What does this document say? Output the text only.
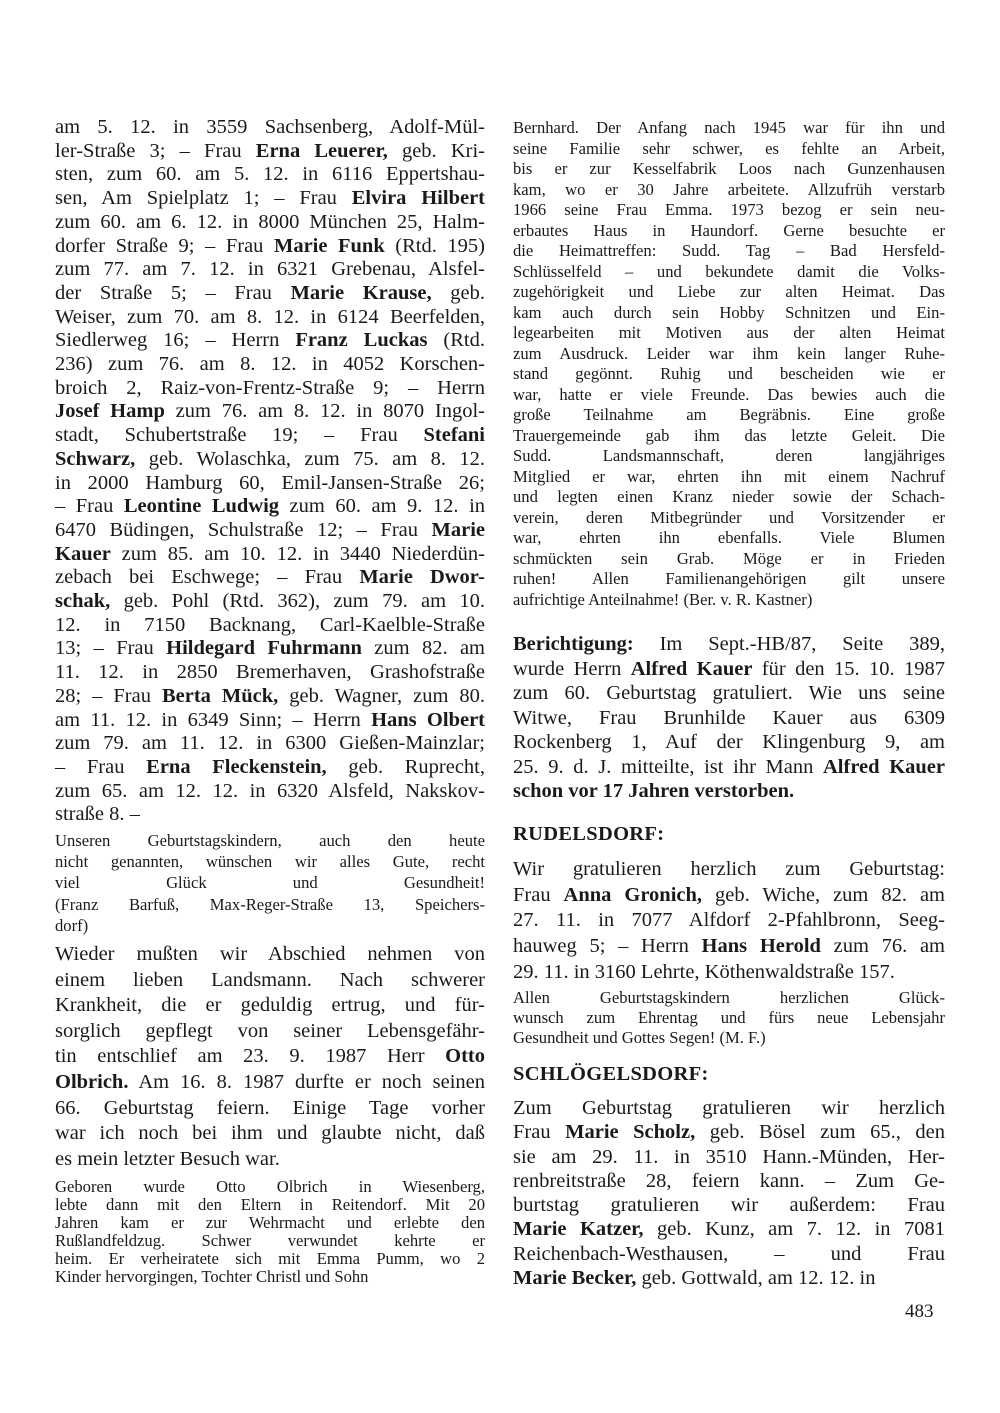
am 5. 12. in 3559 Sachsenberg, Adolf-Mül-
ler-Straße 3; – Frau Erna Leuerer, geb. Kri-
sten, zum 60. am 5. 12. in 6116 Eppertshau-
sen, Am Spielplatz 1; – Frau Elvira Hilbert
zum 60. am 6. 12. in 8000 München 25, Halm-
dorfer Straße 9; – Frau Marie Funk (Rtd. 195)
zum 77. am 7. 12. in 6321 Grebenau, Alsfel-
der Straße 5; – Frau Marie Krause, geb.
Weiser, zum 70. am 8. 12. in 6124 Beerfelden,
Siedlerweg 16; – Herrn Franz Luckas (Rtd.
236) zum 76. am 8. 12. in 4052 Korschen-
broich 2, Raiz-von-Frentz-Straße 9; – Herrn
Josef Hamp zum 76. am 8. 12. in 8070 Ingol-
stadt, Schubertstraße 19; – Frau Stefani
Schwarz, geb. Wolaschka, zum 75. am 8. 12.
in 2000 Hamburg 60, Emil-Jansen-Straße 26;
– Frau Leontine Ludwig zum 60. am 9. 12. in
6470 Büdingen, Schulstraße 12; – Frau Marie
Kauer zum 85. am 10. 12. in 3440 Niederdün-
zebach bei Eschwege; – Frau Marie Dwor-
schak, geb. Pohl (Rtd. 362), zum 79. am 10.
12. in 7150 Backnang, Carl-Kaelble-Straße
13; – Frau Hildegard Fuhrmann zum 82. am
11. 12. in 2850 Bremerhaven, Grashofstraße
28; – Frau Berta Mück, geb. Wagner, zum 80.
am 11. 12. in 6349 Sinn; – Herrn Hans Olbert
zum 79. am 11. 12. in 6300 Gießen-Mainzlar;
– Frau Erna Fleckenstein, geb. Ruprecht,
zum 65. am 12. 12. in 6320 Alsfeld, Nakskov-
straße 8. –
Unseren Geburtstagskindern, auch den heute
nicht genannten, wünschen wir alles Gute, recht
viel Glück und Gesundheit!
(Franz Barfuß, Max-Reger-Straße 13, Speichers-
dorf)
Wieder mußten wir Abschied nehmen von
einem lieben Landsmann. Nach schwerer
Krankheit, die er geduldig ertrug, und für-
sorglich gepflegt von seiner Lebensgefähr-
tin entschlief am 23. 9. 1987 Herr Otto
Olbrich. Am 16. 8. 1987 durfte er noch seinen
66. Geburtstag feiern. Einige Tage vorher
war ich noch bei ihm und glaubte nicht, daß
es mein letzter Besuch war.
Geboren wurde Otto Olbrich in Wiesenberg,
lebte dann mit den Eltern in Reitendorf. Mit 20
Jahren kam er zur Wehrmacht und erlebte den
Rußlandfeldzug. Schwer verwundet kehrte er
heim. Er verheiratete sich mit Emma Pumm, wo 2
Kinder hervorgingen, Tochter Christl und Sohn
Bernhard. Der Anfang nach 1945 war für ihn und
seine Familie sehr schwer, es fehlte an Arbeit,
bis er zur Kesselfabrik Loos nach Gunzenhausen
kam, wo er 30 Jahre arbeitete. Allzufrüh verstarb
1966 seine Frau Emma. 1973 bezog er sein neu-
erbautes Haus in Haundorf. Gerne besuchte er
die Heimattreffen: Sudd. Tag – Bad Hersfeld-
Schlüsselfeld – und bekundete damit die Volks-
zugehörigkeit und Liebe zur alten Heimat. Das
kam auch durch sein Hobby Schnitzen und Ein-
legearbeiten mit Motiven aus der alten Heimat
zum Ausdruck. Leider war ihm kein langer Ruhe-
stand gegönnt. Ruhig und bescheiden wie er
war, hatte er viele Freunde. Das bewies auch die
große Teilnahme am Begräbnis. Eine große
Trauergemeinde gab ihm das letzte Geleit. Die
Sudd. Landsmannschaft, deren langjähriges
Mitglied er war, ehrten ihn mit einem Nachruf
und legten einen Kranz nieder sowie der Schach-
verein, deren Mitbegründer und Vorsitzender er
war, ehrten ihn ebenfalls. Viele Blumen
schmückten sein Grab. Möge er in Frieden
ruhen! Allen Familienangehörigen gilt unsere
aufrichtige Anteilnahme! (Ber. v. R. Kastner)
Berichtigung: Im Sept.-HB/87, Seite 389,
wurde Herrn Alfred Kauer für den 15. 10. 1987
zum 60. Geburtstag gratuliert. Wie uns seine
Witwe, Frau Brunhilde Kauer aus 6309
Rockenberg 1, Auf der Klingenburg 9, am
25. 9. d. J. mitteilte, ist ihr Mann Alfred Kauer
schon vor 17 Jahren verstorben.
RUDELSDORF:
Wir gratulieren herzlich zum Geburtstag:
Frau Anna Gronich, geb. Wiche, zum 82. am
27. 11. in 7077 Alfdorf 2-Pfahlbronn, Seeg-
hauweg 5; – Herrn Hans Herold zum 76. am
29. 11. in 3160 Lehrte, Köthenwaldstraße 157.
Allen Geburtstagskindern herzlichen Glück-
wunsch zum Ehrentag und fürs neue Lebensjahr
Gesundheit und Gottes Segen! (M. F.)
SCHLÖGELSDORF:
Zum Geburtstag gratulieren wir herzlich
Frau Marie Scholz, geb. Bösel zum 65., den
sie am 29. 11. in 3510 Hann.-Münden, Her-
renbreitstraße 28, feiern kann. – Zum Ge-
burtstag gratulieren wir außerdem: Frau
Marie Katzer, geb. Kunz, am 7. 12. in 7081
Reichenbach-Westhausen, – und Frau
Marie Becker, geb. Gottwald, am 12. 12. in
483
